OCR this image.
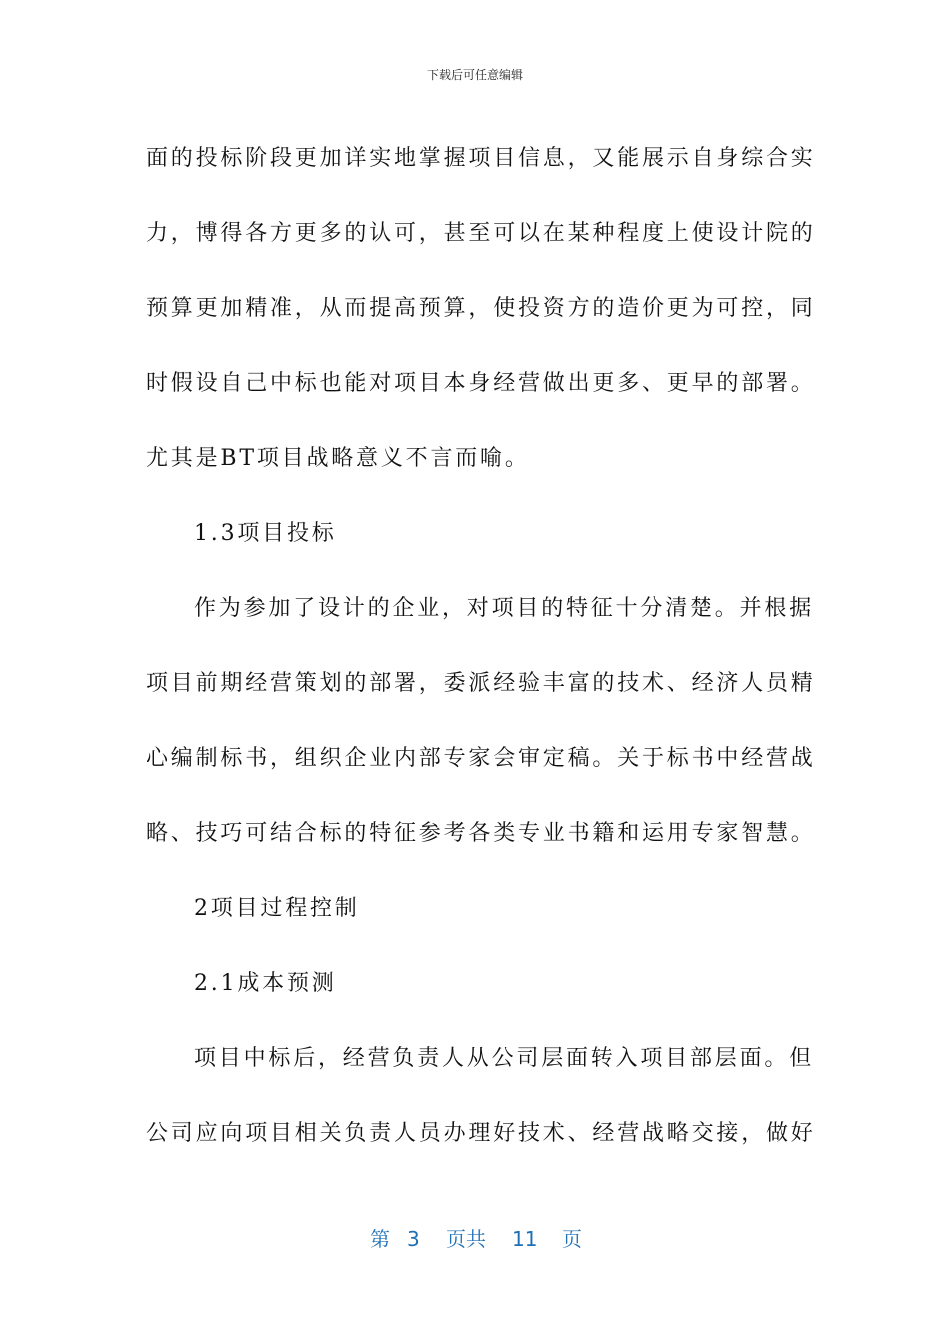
下载后可任意编辑
面的投标阶段更加详实地掌握项目信息，又能展示自身综合实
力，博得各方更多的认可，甚至可以在某种程度上使设计院的
预算更加精准，从而提高预算，使投资方的造价更为可控，同
时假设自己中标也能对项目本身经营做出更多、更早的部署。
尤其是BT项目战略意义不言而喻。
1.3项目投标
作为参加了设计的企业，对项目的特征十分清楚。并根据
项目前期经营策划的部署，委派经验丰富的技术、经济人员精
心编制标书，组织企业内部专家会审定稿。关于标书中经营战
略、技巧可结合标的特征参考各类专业书籍和运用专家智慧。
2项目过程控制
2.1成本预测
项目中标后，经营负责人从公司层面转入项目部层面。但
公司应向项目相关负责人员办理好技术、经营战略交接，做好
第 3 页共 11 页
